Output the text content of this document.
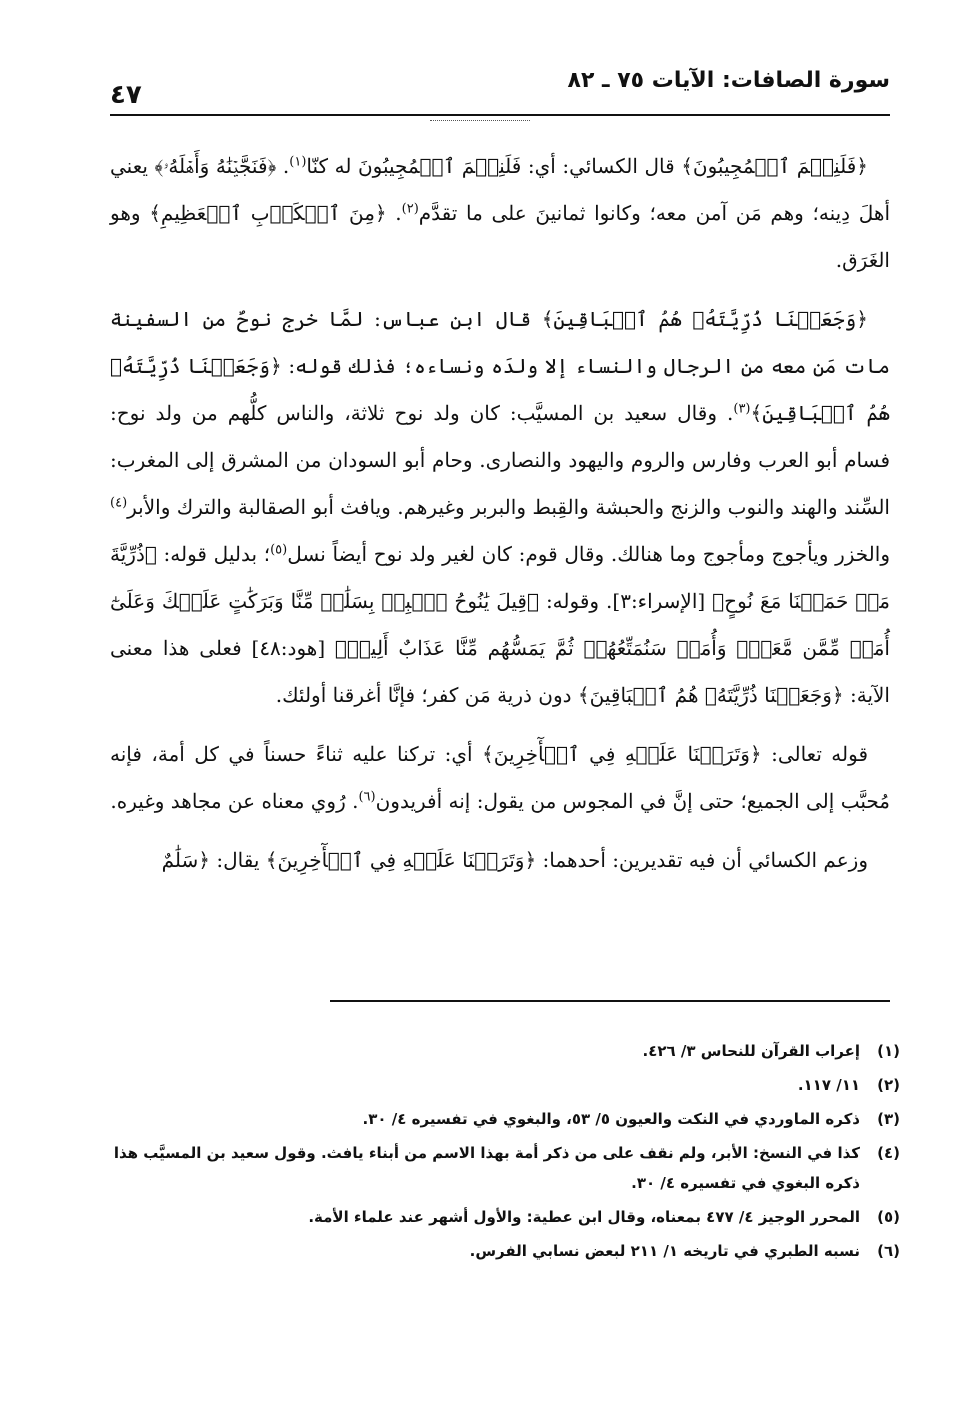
سورة الصافات: الآيات ٧٥ ـ ٨٢
٤٧

﴿فَلَنِعۡمَ ٱلۡمُجِيبُونَ﴾ قال الكسائي: أي: فَلَنِعۡمَ ٱلۡمُجِيبُونَ له كنّا$^{(١)}$. ﴿فَنَجَّيۡنَٰهُ وَأَهۡلَهُۥ﴾ يعني أهلَ دِينه؛ وهم مَن آمن معه؛ وكانوا ثمانينَ على ما تقدَّم$^{(٢)}$. ﴿مِنَ ٱلۡكَرۡبِ ٱلۡعَظِيمِ﴾ وهو الغَرَق.

﴿وَجَعَلۡنَا ذُرِّيَّتَهُۥ هُمُ ٱلۡبَاقِينَ﴾ قال ابن عباس: لمَّا خرج نوحٌ من السفينة مات مَن معه من الرجال والنساء إلا ولدَه ونساءه؛ فذلك قوله: ﴿وَجَعَلۡنَا ذُرِّيَّتَهُۥ هُمُ ٱلۡبَاقِينَ﴾$^{(٣)}$. وقال سعيد بن المسيَّب: كان ولد نوح ثلاثة، والناس كلُّهم من ولد نوح: فسام أبو العرب وفارس والروم واليهود والنصارى. وحام أبو السودان من المشرق إلى المغرب: السِّند والهند والنوب والزنج والحبشة والقِبط والبربر وغيرهم. ويافث أبو الصقالبة والترك والأبر$^{(٤)}$ والخزر ويأجوج ومأجوج وما هنالك. وقال قوم: كان لغير ولد نوح أيضاً نسل$^{(٥)}$؛ بدليل قوله: ﴿ذُرِّيَّةَ مَنۡ حَمَلۡنَا مَعَ نُوحٍ﴾ [الإسراء:٣]. وقوله: ﴿قِيلَ يَٰنُوحُ ٱهۡبِطۡ بِسَلَٰمٖ مِّنَّا وَبَرَكَٰتٍ عَلَيۡكَ وَعَلَىٰٓ أُمَمٖ مِّمَّن مَّعَكَۚ وَأُمَمٞ سَنُمَتِّعُهُمۡ ثُمَّ يَمَسُّهُم مِّنَّا عَذَابٌ أَلِيمٞ﴾ [هود:٤٨] فعلى هذا معنى الآية: ﴿وَجَعَلۡنَا ذُرِّيَّتَهُۥ هُمُ ٱلۡبَاقِينَ﴾ دون ذرية مَن كفر؛ فإنَّا أغرقنا أولئك.

قوله تعالى: ﴿وَتَرَكۡنَا عَلَيۡهِ فِي ٱلۡأٓخِرِينَ﴾ أي: تركنا عليه ثناءً حسناً في كل أمة، فإنه مُحبَّب إلى الجميع؛ حتى إنَّ في المجوس من يقول: إنه أفريدون$^{(٦)}$. رُوي معناه عن مجاهد وغيره.

وزعم الكسائي أن فيه تقديرين: أحدهما: ﴿وَتَرَكۡنَا عَلَيۡهِ فِي ٱلۡأٓخِرِينَ﴾ يقال: ﴿سَلَٰمٌ

(١)
إعراب القرآن للنحاس ٣/ ٤٢٦.
(٢)
١١/ ١١٧.
(٣)
ذكره الماوردي في النكت والعيون ٥/ ٥٣، والبغوي في تفسيره ٤/ ٣٠.
(٤)
كذا في النسخ: الأبر، ولم نقف على من ذكر أمة بهذا الاسم من أبناء يافث. وقول سعيد بن المسيَّب هذا ذكره البغوي في تفسيره ٤/ ٣٠.
(٥)
المحرر الوجيز ٤/ ٤٧٧ بمعناه، وقال ابن عطية: والأول أشهر عند علماء الأمة.
(٦)
نسبه الطبري في تاريخه ١/ ٢١١ لبعض نسابي الفرس.
